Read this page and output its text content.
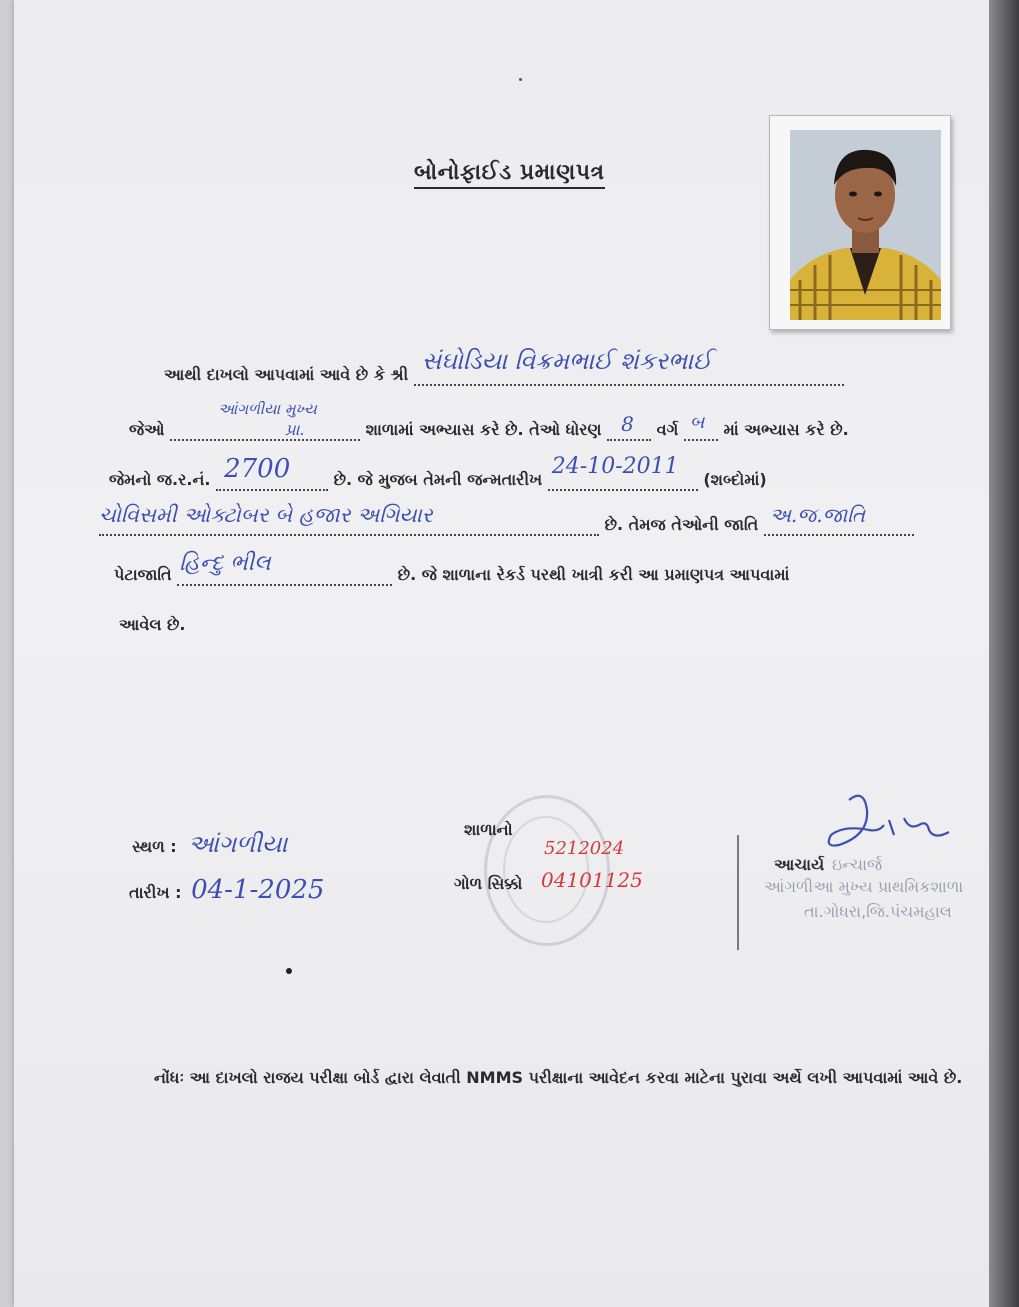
બોનોફાઈડ પ્રમાણપત્ર
આથી દાખલો આપવામાં આવે છે કે શ્રી સંઘોડિયા વિક્રમભાઈ શંકરભાઈ

જેઓ
આંગળીયા મુખ્ય
પ્રા.	શાળામાં અભ્યાસ કરે છે. તેઓ ધોરણ 8 વર્ગ બ માં અભ્યાસ કરે છે.
જેમનો જ.ર.નં. 2700	છે. જે મુજબ તેમની જન્મતારીખ
24-10-2011
(શબ્દોમાં)
ચોવિસમી ઓક્ટોબર બે હજાર અગિયાર	છે. તેમજ તેઓની જાતિ અ.જ.જાતિ

પેટાજાતિ હિન્દુ ભીલ	છે. જે શાળાના રેકર્ડ પરથી ખાત્રી કરી આ પ્રમાણપત્ર આપવામાં
આવેલ છે.
સ્થળ : આંગળીયા
તારીખ : 04-1-2025
શાળાનો
ગોળ સિક્કો
5212024
04101125
આચાર્ય ઇન્ચાર્જ
આંગળીઆ મુખ્ય પ્રાથમિકશાળા
તા.ગોધરા,જિ.પંચમહાલ
નોંધઃ આ દાખલો રાજય પરીક્ષા બોર્ડ દ્વારા લેવાતી NMMS પરીક્ષાના આવેદન કરવા માટેના પુરાવા અર્થે લખી આપવામાં આવે છે.
